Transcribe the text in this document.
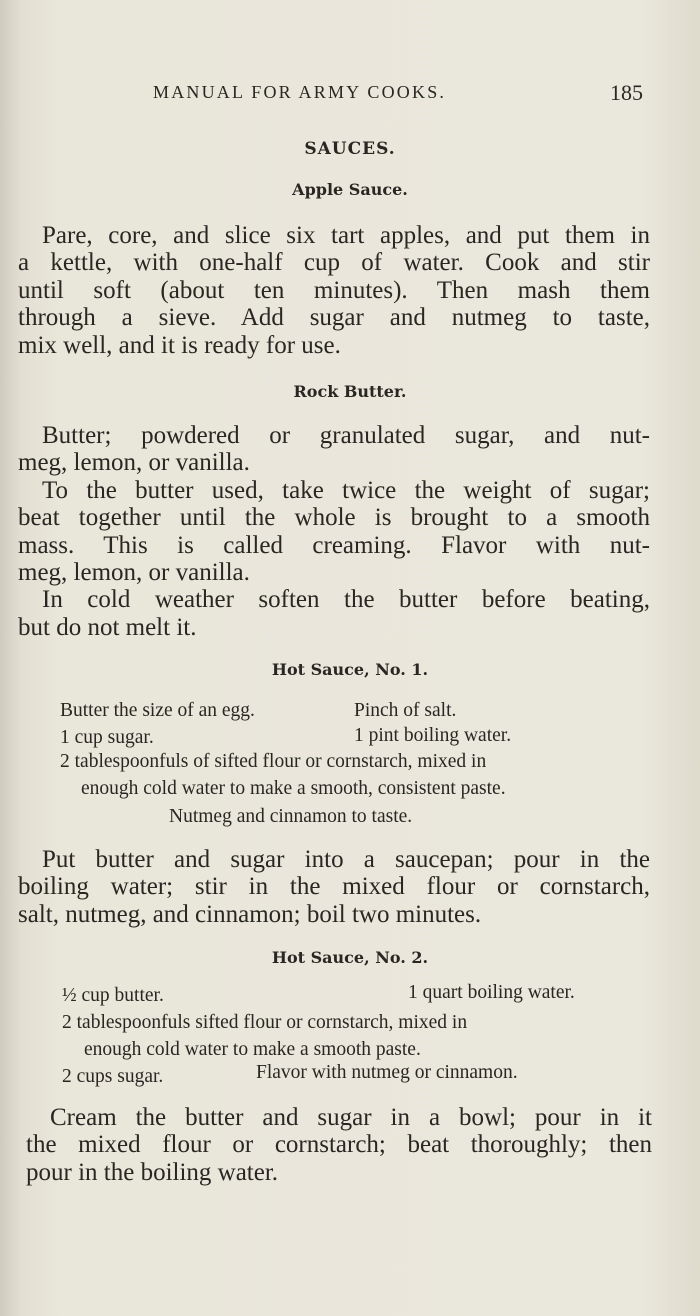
MANUAL FOR ARMY COOKS.	185
SAUCES.
Apple Sauce.
Pare, core, and slice six tart apples, and put them in
a kettle, with one-half cup of water. Cook and stir
until soft (about ten minutes). Then mash them
through a sieve. Add sugar and nutmeg to taste,
mix well, and it is ready for use.
Rock Butter.
Butter; powdered or granulated sugar, and nut-
meg, lemon, or vanilla.
To the butter used, take twice the weight of sugar;
beat together until the whole is brought to a smooth
mass. This is called creaming. Flavor with nut-
meg, lemon, or vanilla.
In cold weather soften the butter before beating,
but do not melt it.
Hot Sauce, No. 1.
Butter the size of an egg.	Pinch of salt.
1 cup sugar.	1 pint boiling water.
2 tablespoonfuls of sifted flour or cornstarch, mixed in
enough cold water to make a smooth, consistent paste.
Nutmeg and cinnamon to taste.
Put butter and sugar into a saucepan; pour in the
boiling water; stir in the mixed flour or cornstarch,
salt, nutmeg, and cinnamon; boil two minutes.
Hot Sauce, No. 2.
½ cup butter.	1 quart boiling water.
2 tablespoonfuls sifted flour or cornstarch, mixed in
enough cold water to make a smooth paste.
2 cups sugar.	Flavor with nutmeg or cinnamon.
Cream the butter and sugar in a bowl; pour in it
the mixed flour or cornstarch; beat thoroughly; then
pour in the boiling water.
